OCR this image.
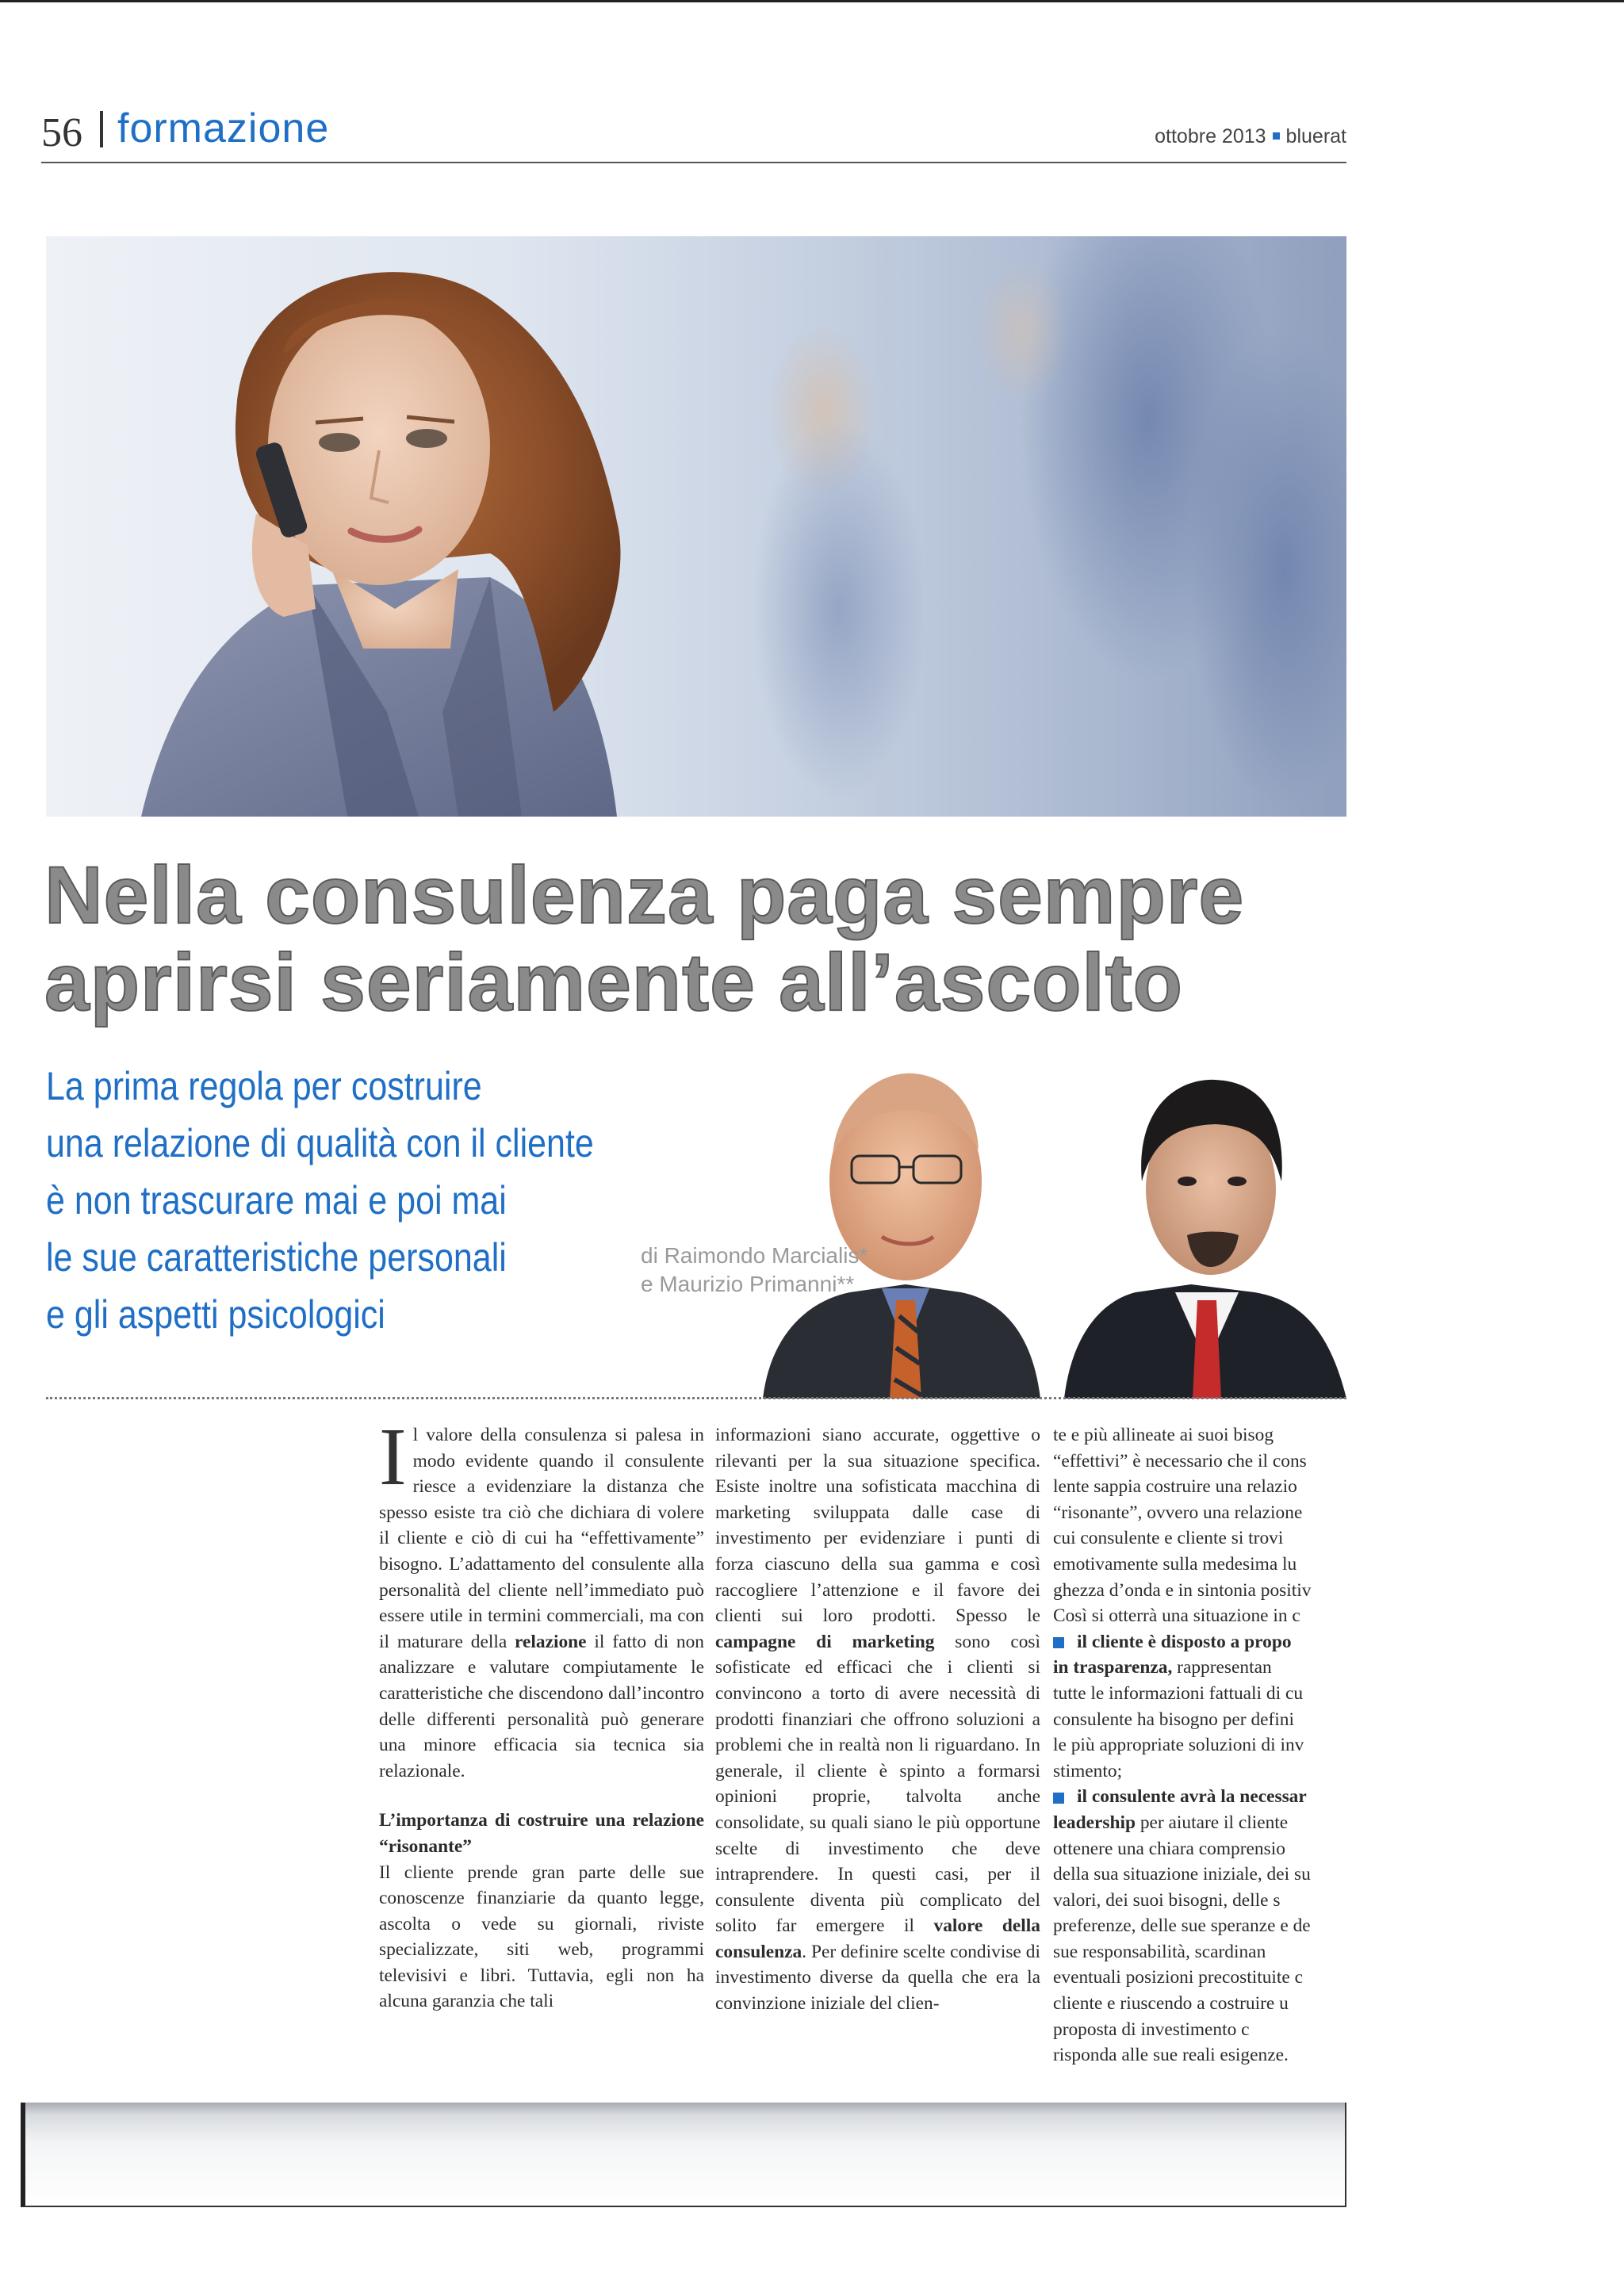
56 formazione	ottobre 2013 bluerat
Nella consulenza paga sempre
aprirsi seriamente all’ascolto
La prima regola per costruire
una relazione di qualità con il cliente
è non trascurare mai e poi mai
le sue caratteristiche personali
e gli aspetti psicologici
di Raimondo Marcialis*
e Maurizio Primanni**

Il valore della consulenza si palesa in modo evidente quando il consulente riesce a evidenziare la distanza che spesso esiste tra ciò che dichiara di volere il cliente e ciò di cui ha “effettivamente” bisogno. L’adattamento del consulente alla personalità del cliente nell’immediato può essere utile in termini commerciali, ma con il maturare della relazione il fatto di non analizzare e valutare compiutamente le caratteristiche che discendono dall’incontro delle differenti personalità può generare una minore efficacia sia tecnica sia relazionale.

L’importanza di costruire una relazione “risonante”

Il cliente prende gran parte delle sue conoscenze finanziarie da quanto legge, ascolta o vede su giornali, riviste specializzate, siti web, programmi televisivi e libri. Tuttavia, egli non ha alcuna garanzia che tali

informazioni siano accurate, oggettive o rilevanti per la sua situazione specifica. Esiste inoltre una sofisticata macchina di marketing sviluppata dalle case di investimento per evidenziare i punti di forza ciascuno della sua gamma e così raccogliere l’attenzione e il favore dei clienti sui loro prodotti. Spesso le campagne di marketing sono così sofisticate ed efficaci che i clienti si convincono a torto di avere necessità di prodotti finanziari che offrono soluzioni a problemi che in realtà non li riguardano. In generale, il cliente è spinto a formarsi opinioni proprie, talvolta anche consolidate, su quali siano le più opportune scelte di investimento che deve intraprendere. In questi casi, per il consulente diventa più complicato del solito far emergere il valore della consulenza. Per definire scelte condivise di investimento diverse da quella che era la convinzione iniziale del clien-

te e più allineate ai suoi bisog
“effettivi” è necessario che il cons
lente sappia costruire una relazio
“risonante”, ovvero una relazione
cui consulente e cliente si trovi
emotivamente sulla medesima lu
ghezza d’onda e in sintonia positiv
Così si otterrà una situazione in c
il cliente è disposto a propo
in trasparenza, rappresentan
tutte le informazioni fattuali di cu
consulente ha bisogno per defini
le più appropriate soluzioni di inv
stimento;
il consulente avrà la necessar
leadership per aiutare il cliente
ottenere una chiara comprensio
della sua situazione iniziale, dei su
valori, dei suoi bisogni, delle s
preferenze, delle sue speranze e de
sue responsabilità, scardinan
eventuali posizioni precostituite c
cliente e riuscendo a costruire u
proposta di investimento c
risponda alle sue reali esigenze.
